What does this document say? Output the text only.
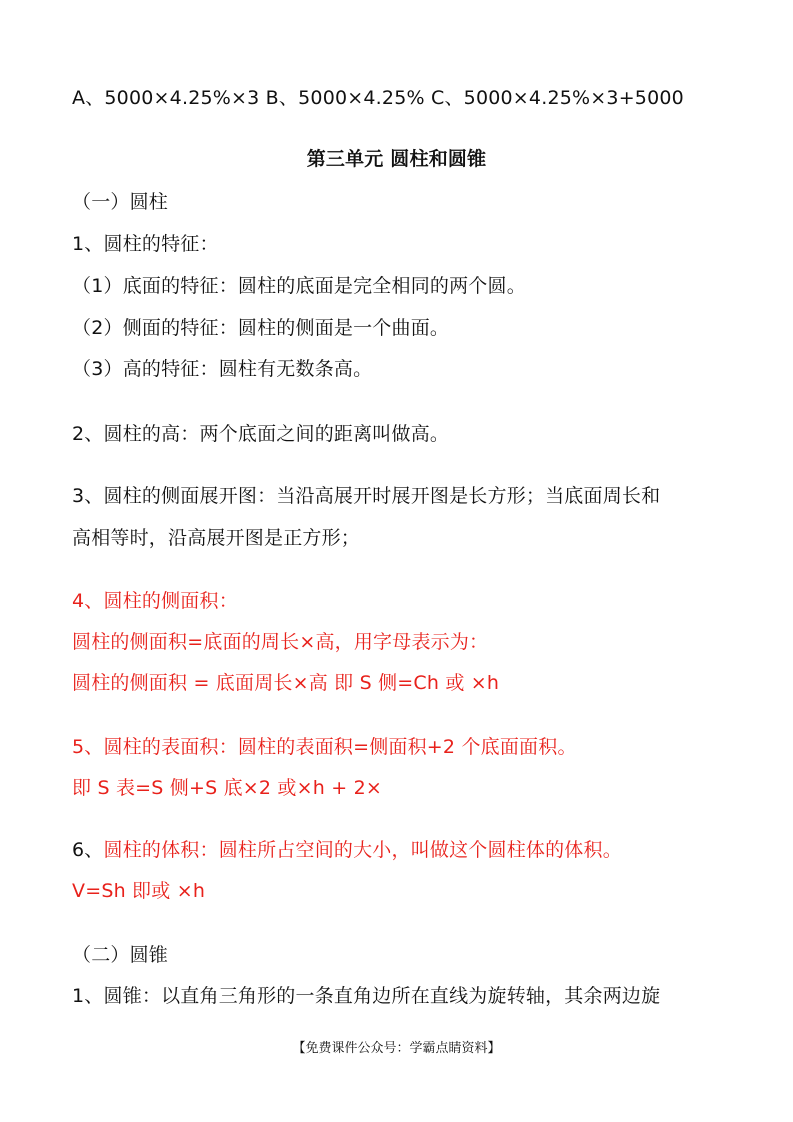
A、5000×4.25%×3 B、5000×4.25% C、5000×4.25%×3+5000
第三单元 圆柱和圆锥
（一）圆柱
1、圆柱的特征：
（1）底面的特征：圆柱的底面是完全相同的两个圆。
（2）侧面的特征：圆柱的侧面是一个曲面。
（3）高的特征：圆柱有无数条高。
2、圆柱的高：两个底面之间的距离叫做高。
3、圆柱的侧面展开图：当沿高展开时展开图是长方形；当底面周长和
高相等时，沿高展开图是正方形；
4、圆柱的侧面积：
圆柱的侧面积=底面的周长×高，用字母表示为：
圆柱的侧面积 = 底面周长×高 即 S 侧=Ch 或 ×h
5、圆柱的表面积：圆柱的表面积=侧面积+2 个底面面积。
即 S 表=S 侧+S 底×2 或×h + 2×
6、圆柱的体积：圆柱所占空间的大小，叫做这个圆柱体的体积。
V=Sh 即或 ×h
（二）圆锥
1、圆锥：以直角三角形的一条直角边所在直线为旋转轴，其余两边旋
【免费课件公众号：学霸点睛资料】
